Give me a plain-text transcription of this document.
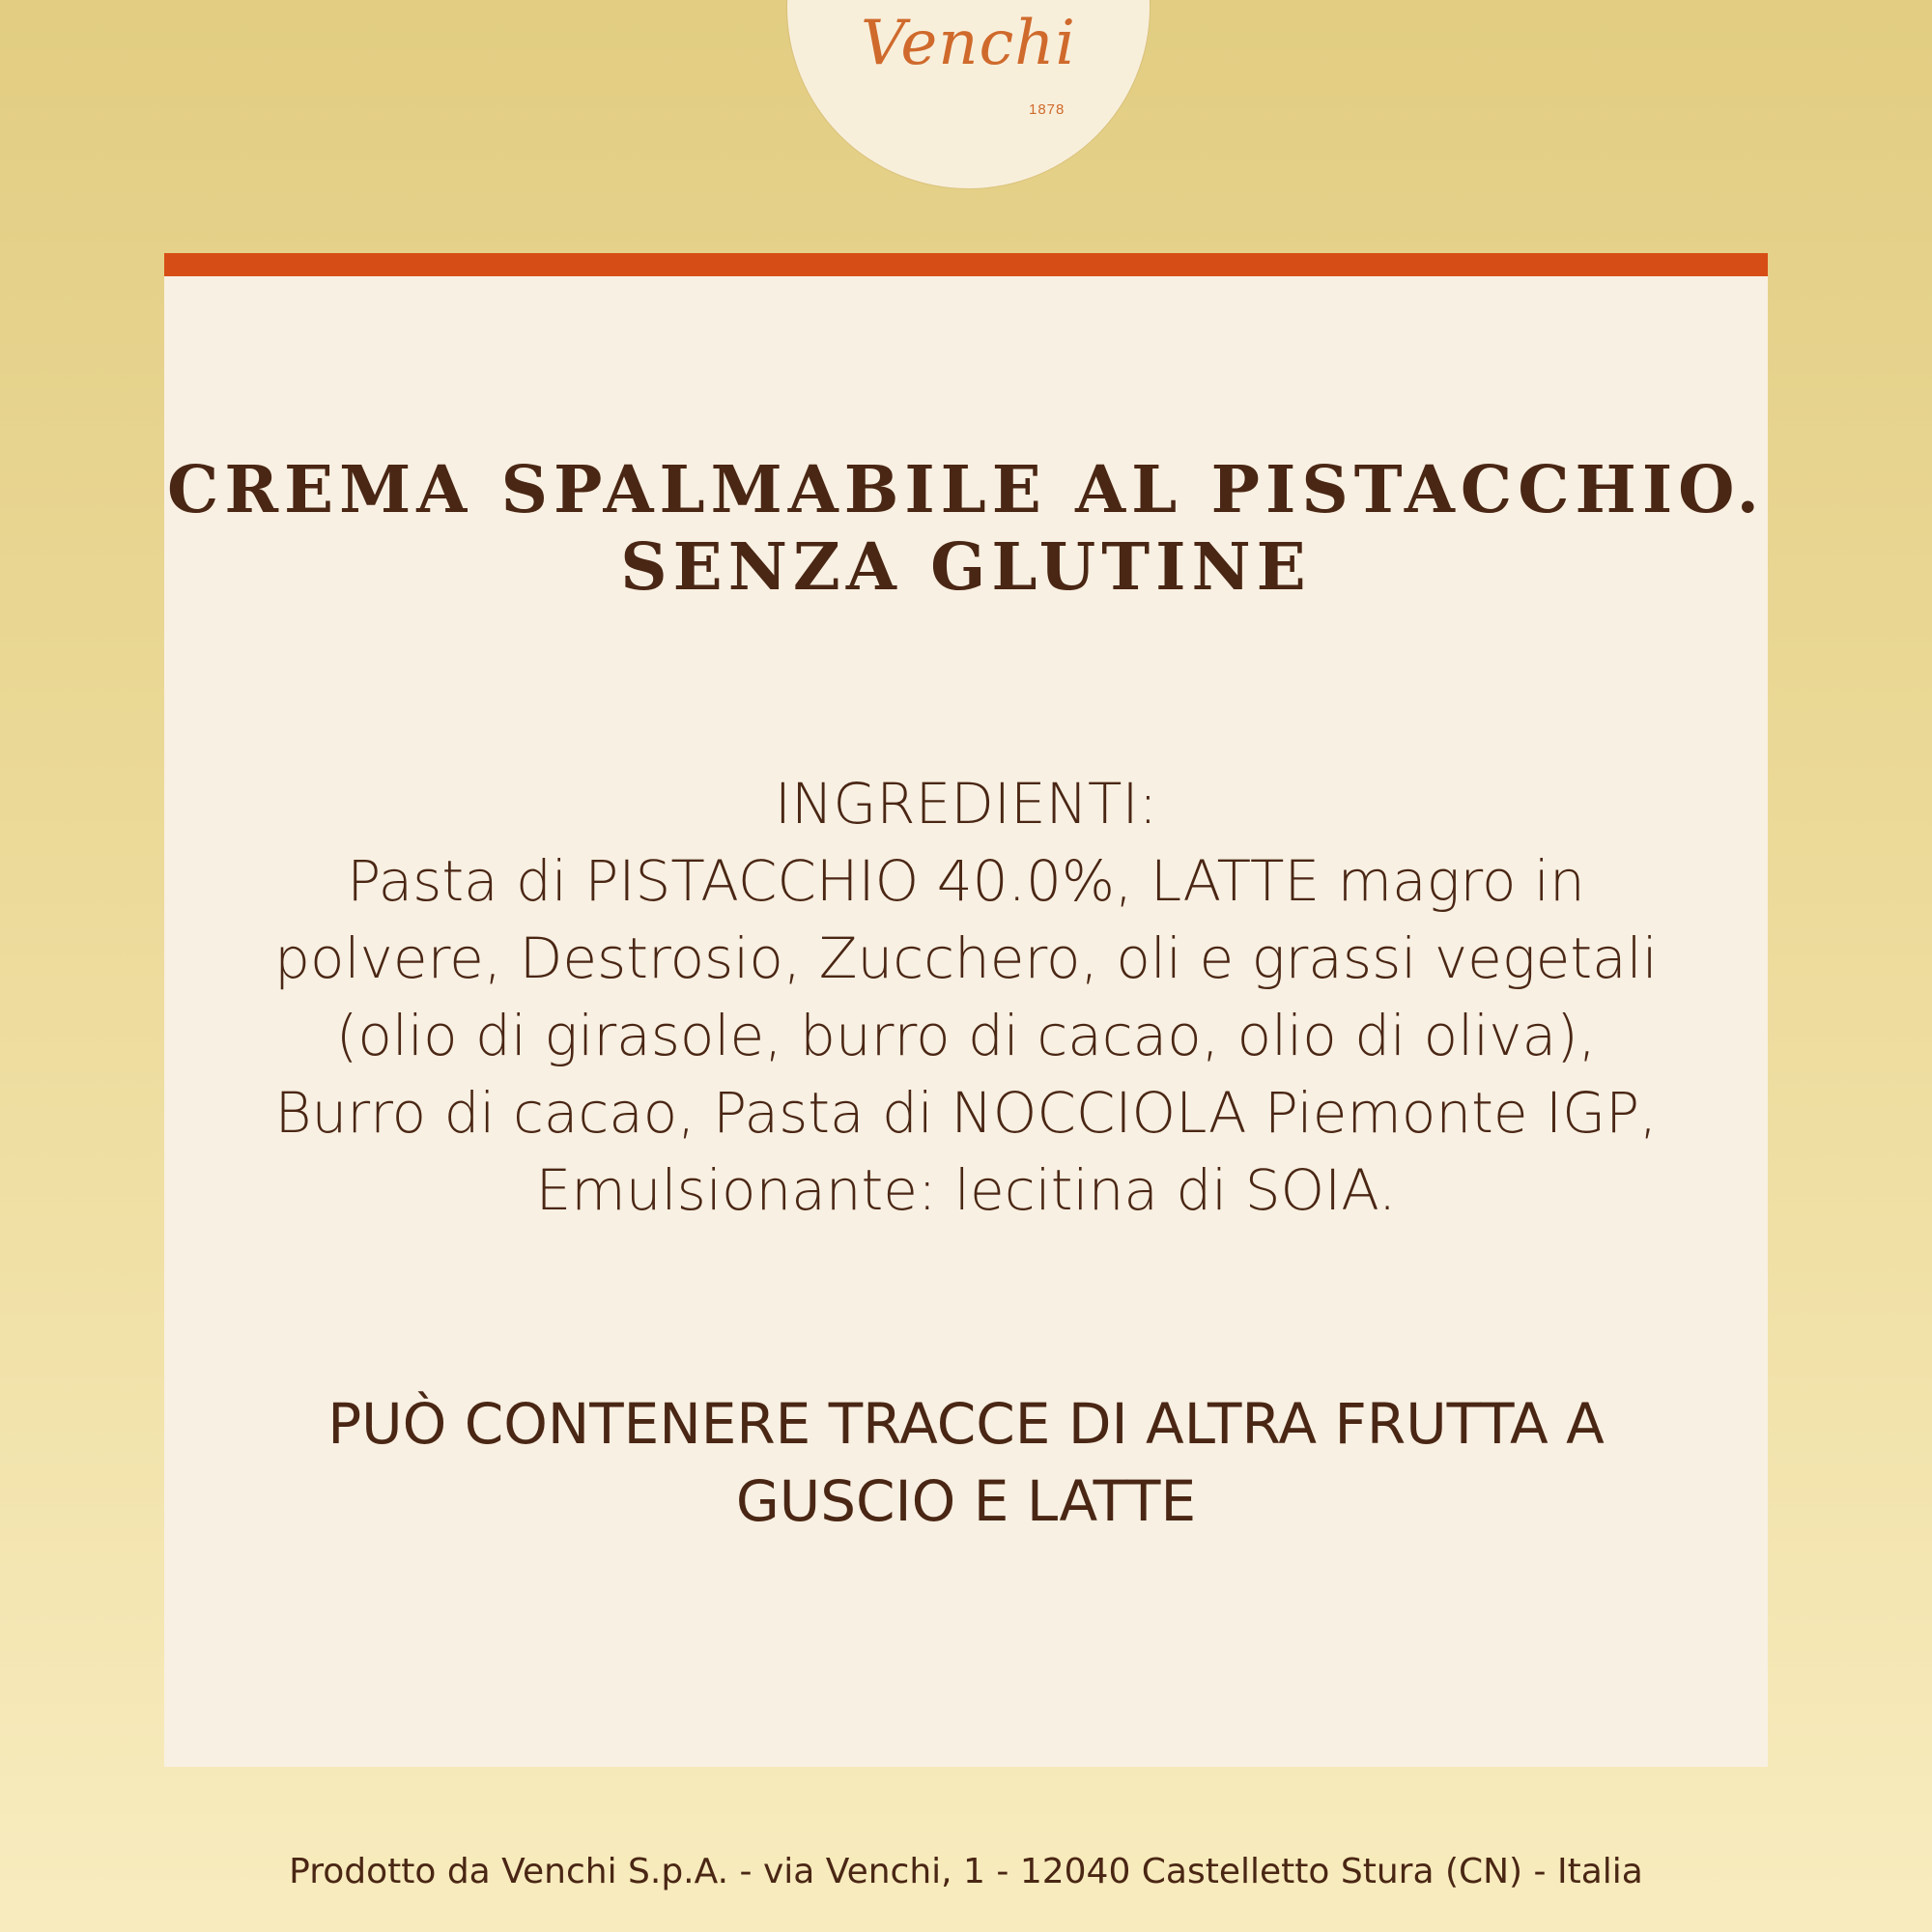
Venchi
1878
CREMA SPALMABILE AL PISTACCHIO. SENZA GLUTINE
INGREDIENTI:
Pasta di PISTACCHIO 40.0%, LATTE magro in polvere, Destrosio, Zucchero, oli e grassi vegetali (olio di girasole, burro di cacao, olio di oliva), Burro di cacao, Pasta di NOCCIOLA Piemonte IGP, Emulsionante: lecitina di SOIA.
PUÒ CONTENERE TRACCE DI ALTRA FRUTTA A GUSCIO E LATTE
Prodotto da Venchi S.p.A. - via Venchi, 1 - 12040 Castelletto Stura (CN) - Italia
